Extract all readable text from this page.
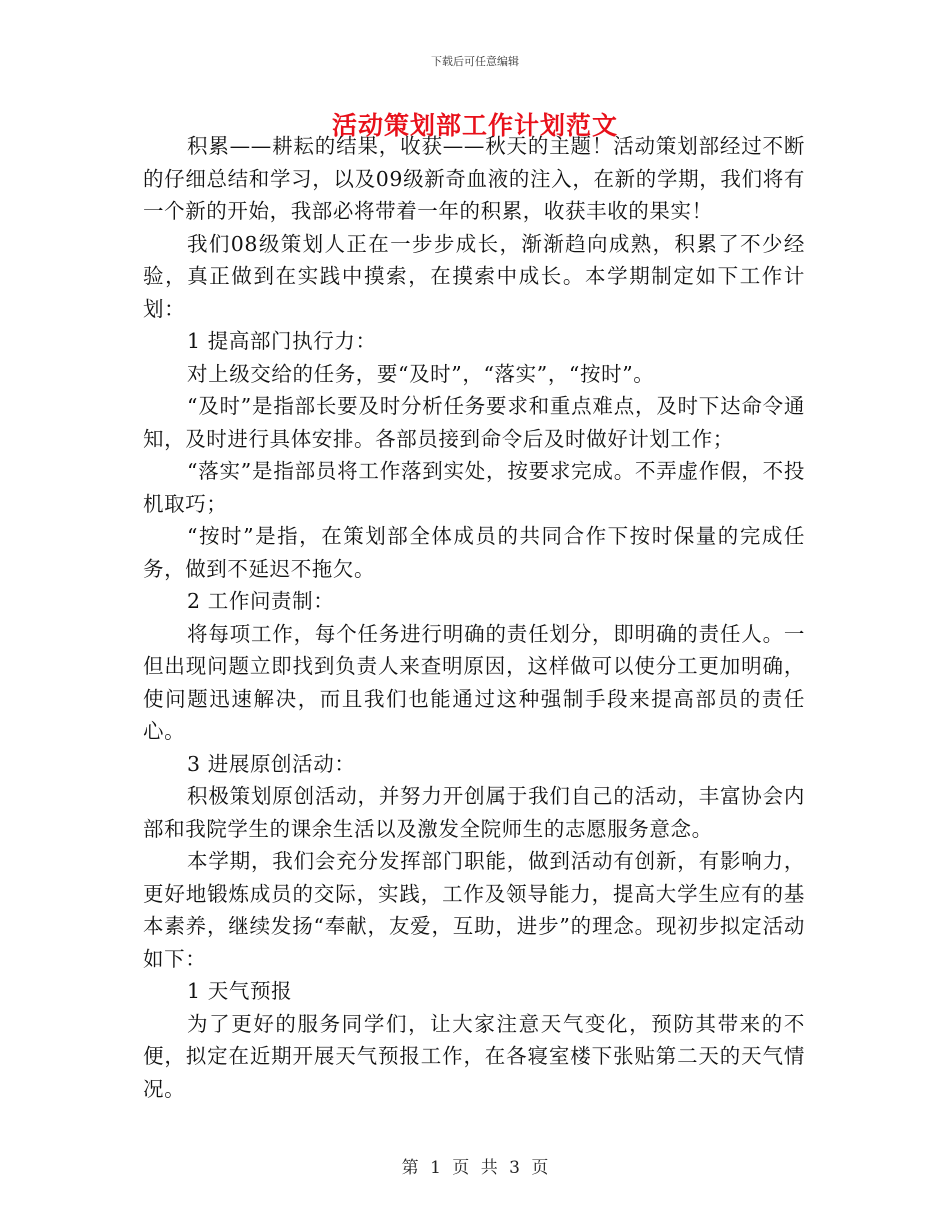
下载后可任意编辑
活动策划部工作计划范文

积累——耕耘的结果，收获——秋天的主题！活动策划部经过不断的仔细总结和学习，以及09级新奇血液的注入，在新的学期，我们将有一个新的开始，我部必将带着一年的积累，收获丰收的果实！

我们08级策划人正在一步步成长，渐渐趋向成熟，积累了不少经验，真正做到在实践中摸索，在摸索中成长。本学期制定如下工作计划：

1 提高部门执行力：

对上级交给的任务，要“及时”，“落实”，“按时”。

“及时”是指部长要及时分析任务要求和重点难点，及时下达命令通知，及时进行具体安排。各部员接到命令后及时做好计划工作；

“落实”是指部员将工作落到实处，按要求完成。不弄虚作假，不投机取巧；

“按时”是指，在策划部全体成员的共同合作下按时保量的完成任务，做到不延迟不拖欠。

2 工作问责制：

将每项工作，每个任务进行明确的责任划分，即明确的责任人。一但出现问题立即找到负责人来查明原因，这样做可以使分工更加明确，使问题迅速解决，而且我们也能通过这种强制手段来提高部员的责任心。

3 进展原创活动：

积极策划原创活动，并努力开创属于我们自己的活动，丰富协会内部和我院学生的课余生活以及激发全院师生的志愿服务意念。

本学期，我们会充分发挥部门职能，做到活动有创新，有影响力，更好地锻炼成员的交际，实践，工作及领导能力，提高大学生应有的基本素养，继续发扬“奉献，友爱，互助，进步”的理念。现初步拟定活动如下：

1 天气预报

为了更好的服务同学们，让大家注意天气变化，预防其带来的不便，拟定在近期开展天气预报工作，在各寝室楼下张贴第二天的天气情况。

第 1 页 共 3 页
